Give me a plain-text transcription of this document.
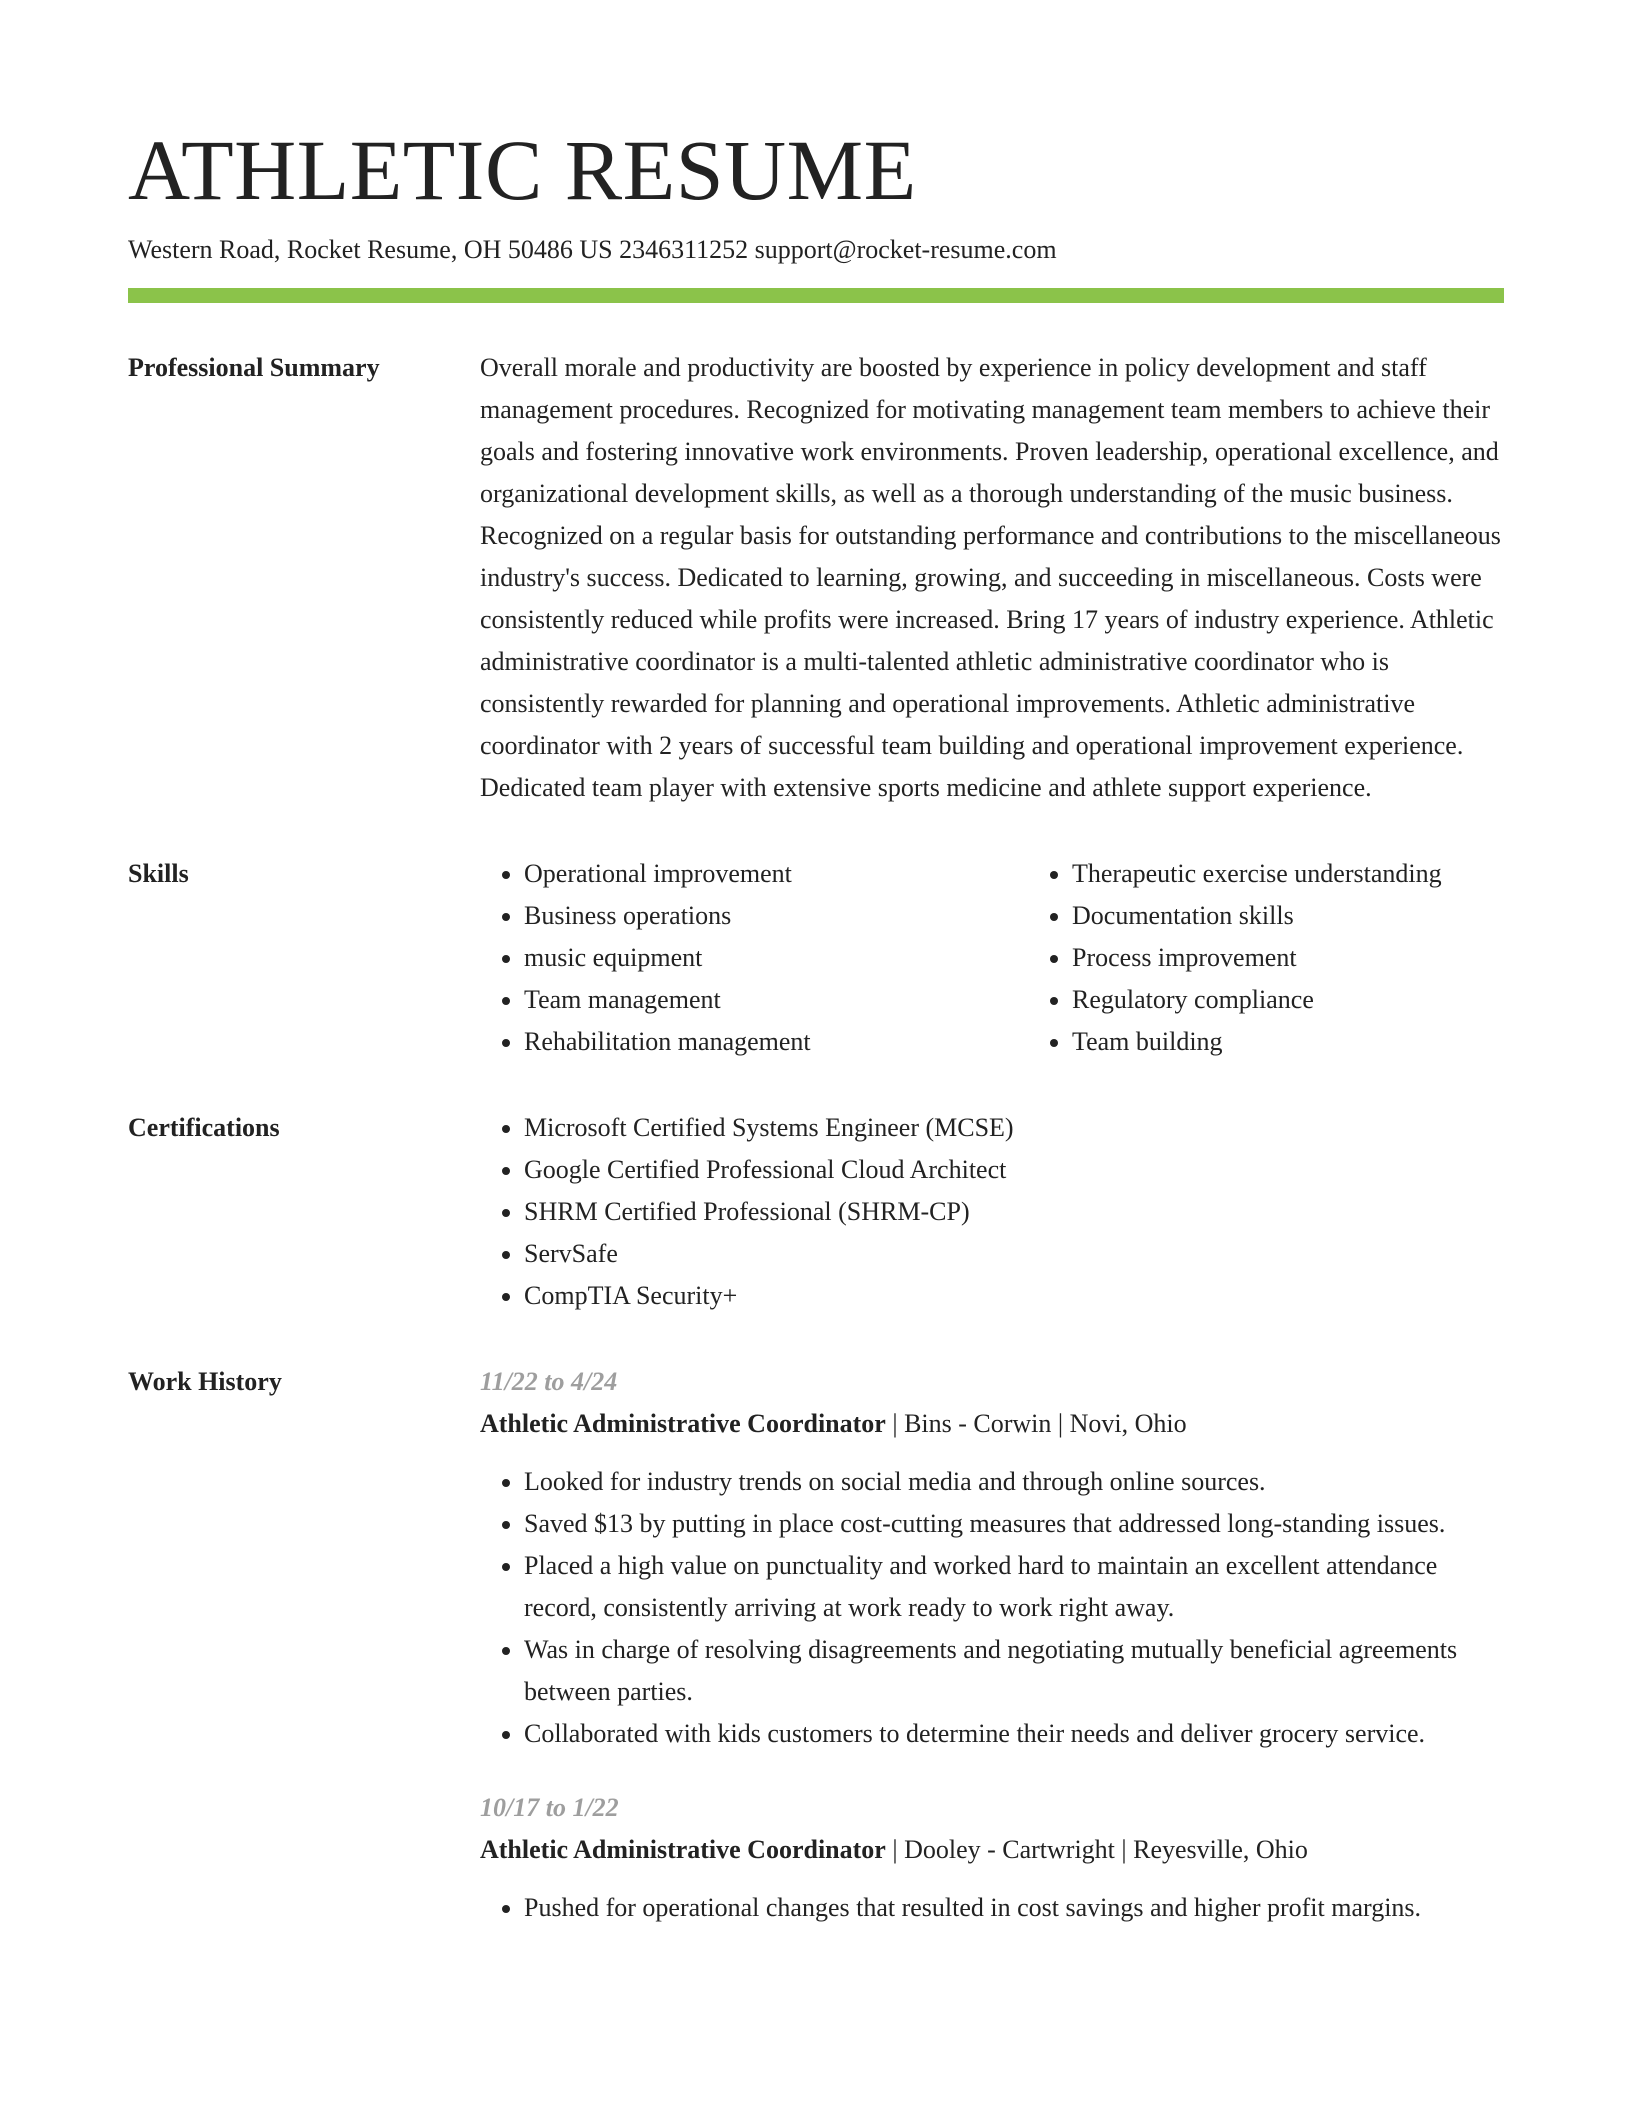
ATHLETIC RESUME
Western Road, Rocket Resume, OH 50486 US 2346311252 support@rocket-resume.com
Professional Summary	Overall morale and productivity are boosted by experience in policy development and staff management procedures. Recognized for motivating management team members to achieve their goals and fostering innovative work environments. Proven leadership, operational excellence, and organizational development skills, as well as a thorough understanding of the music business. Recognized on a regular basis for outstanding performance and contributions to the miscellaneous industry's success. Dedicated to learning, growing, and succeeding in miscellaneous. Costs were consistently reduced while profits were increased. Bring 17 years of industry experience. Athletic administrative coordinator is a multi-talented athletic administrative coordinator who is consistently rewarded for planning and operational improvements. Athletic administrative coordinator with 2 years of successful team building and operational improvement experience. Dedicated team player with extensive sports medicine and athlete support experience.

Skills	• Operational improvement
• Business operations
• music equipment
• Team management
• Rehabilitation management
• Therapeutic exercise understanding
• Documentation skills
• Process improvement
• Regulatory compliance
• Team building
Certifications	• Microsoft Certified Systems Engineer (MCSE)
• Google Certified Professional Cloud Architect
• SHRM Certified Professional (SHRM-CP)
• ServSafe
• CompTIA Security+
Work History	11/22 to 4/24
Athletic Administrative Coordinator | Bins - Corwin | Novi, Ohio
• Looked for industry trends on social media and through online sources.
• Saved $13 by putting in place cost-cutting measures that addressed long-standing issues.
• Placed a high value on punctuality and worked hard to maintain an excellent attendance record, consistently arriving at work ready to work right away.
• Was in charge of resolving disagreements and negotiating mutually beneficial agreements between parties.
• Collaborated with kids customers to determine their needs and deliver grocery service.
10/17 to 1/22
Athletic Administrative Coordinator | Dooley - Cartwright | Reyesville, Ohio
• Pushed for operational changes that resulted in cost savings and higher profit margins.
